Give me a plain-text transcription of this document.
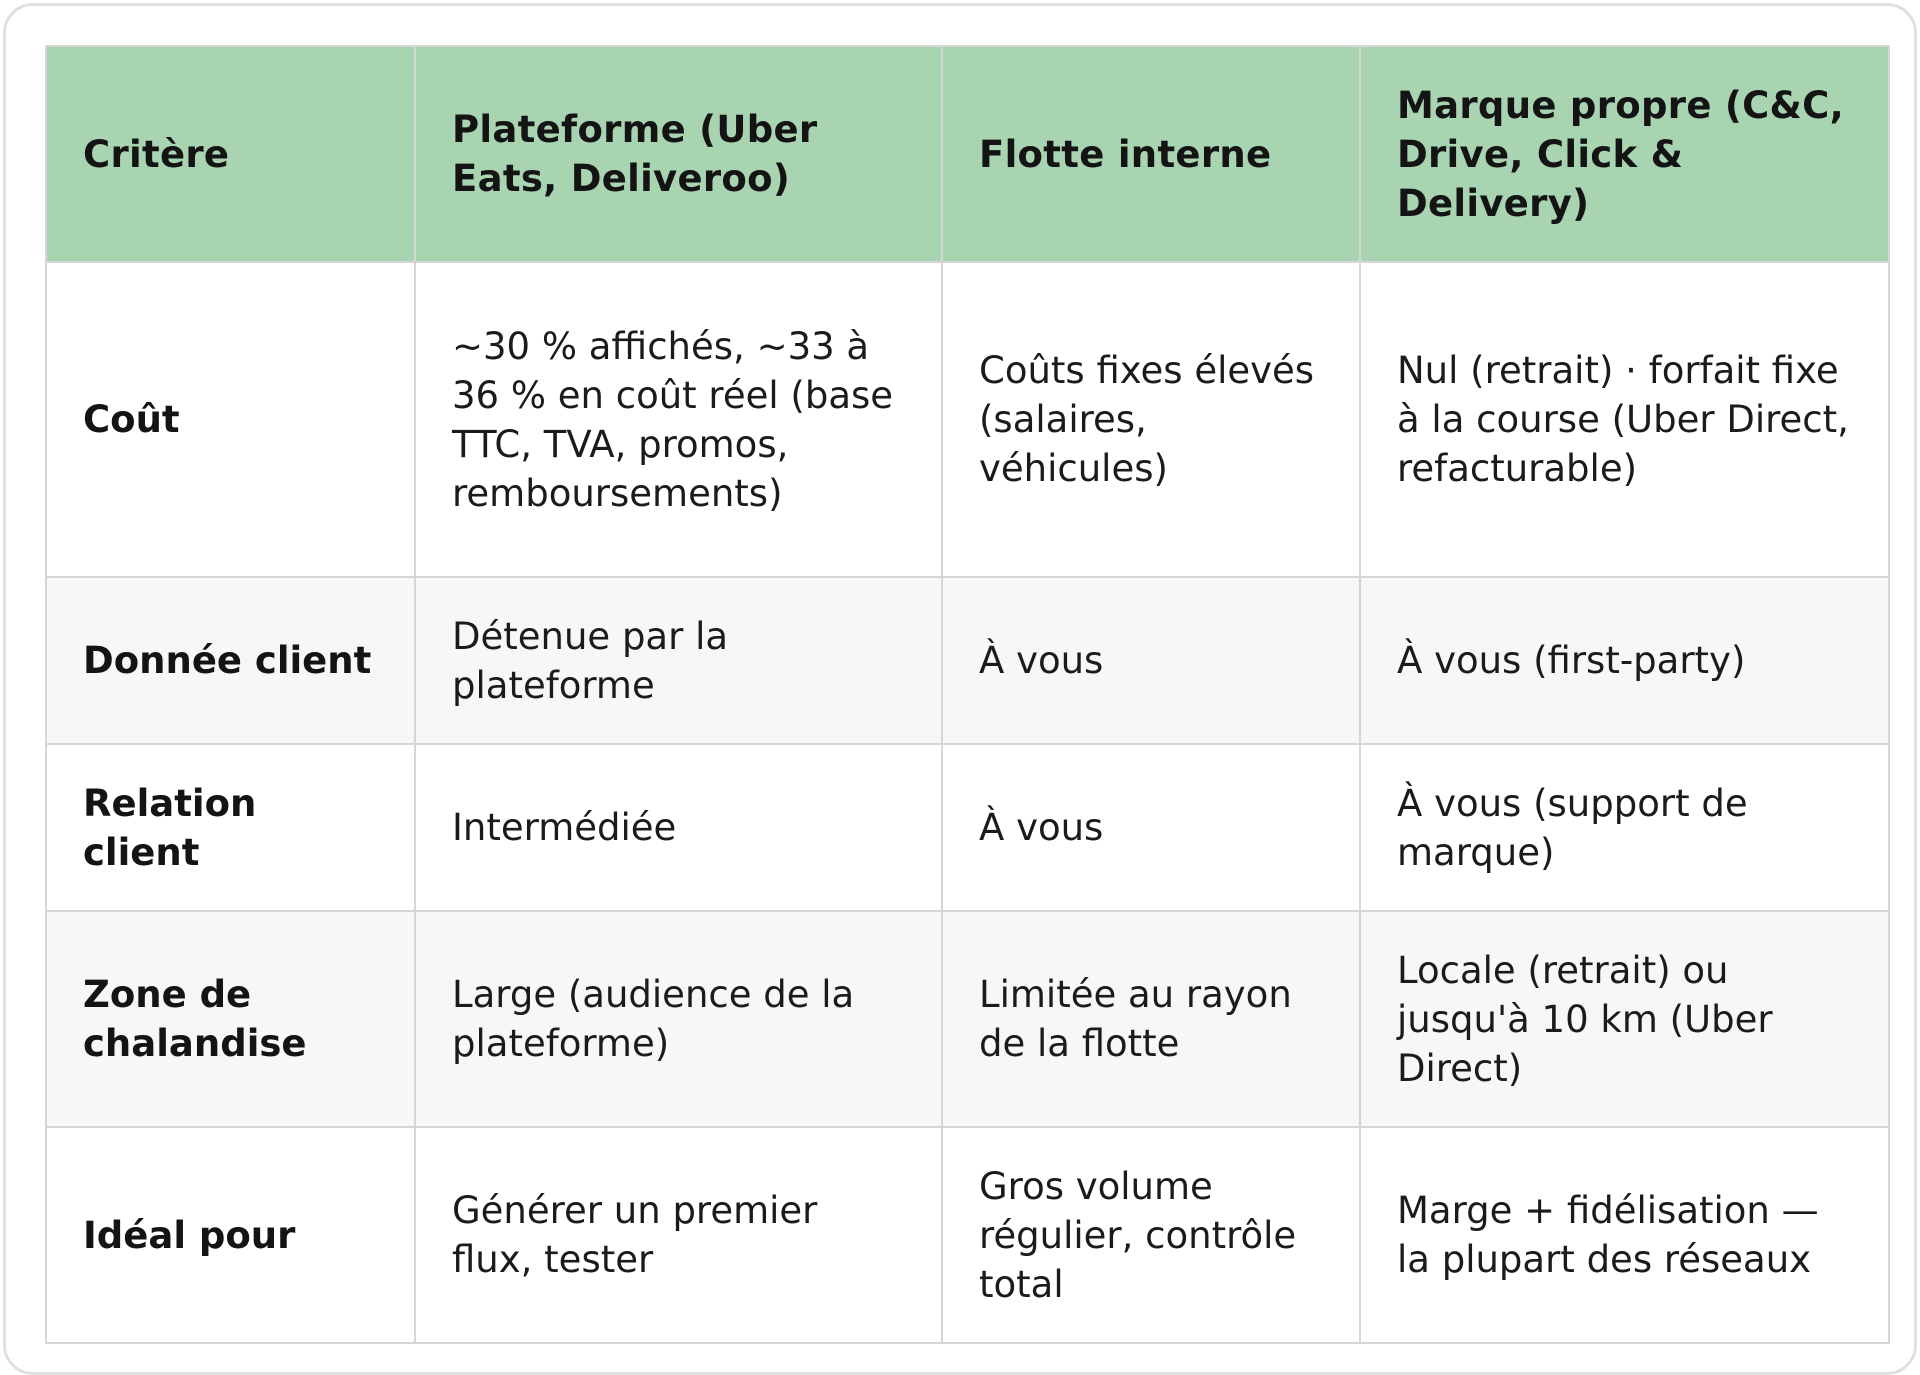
Critère	Plateforme (Uber Eats, Deliveroo)	Flotte interne	Marque propre (C&C, Drive, Click & Delivery)
Coût	~30 % affichés, ~33 à 36 % en coût réel (base TTC, TVA, promos, remboursements)	Coûts fixes élevés (salaires, véhicules)	Nul (retrait) · forfait fixe à la course (Uber Direct, refacturable)
Donnée client	Détenue par la plateforme	À vous	À vous (first-party)
Relation client	Intermédiée	À vous	À vous (support de marque)
Zone de chalandise	Large (audience de la plateforme)	Limitée au rayon de la flotte	Locale (retrait) ou jusqu'à 10 km (Uber Direct)
Idéal pour	Générer un premier flux, tester	Gros volume régulier, contrôle total	Marge + fidélisation — la plupart des réseaux
